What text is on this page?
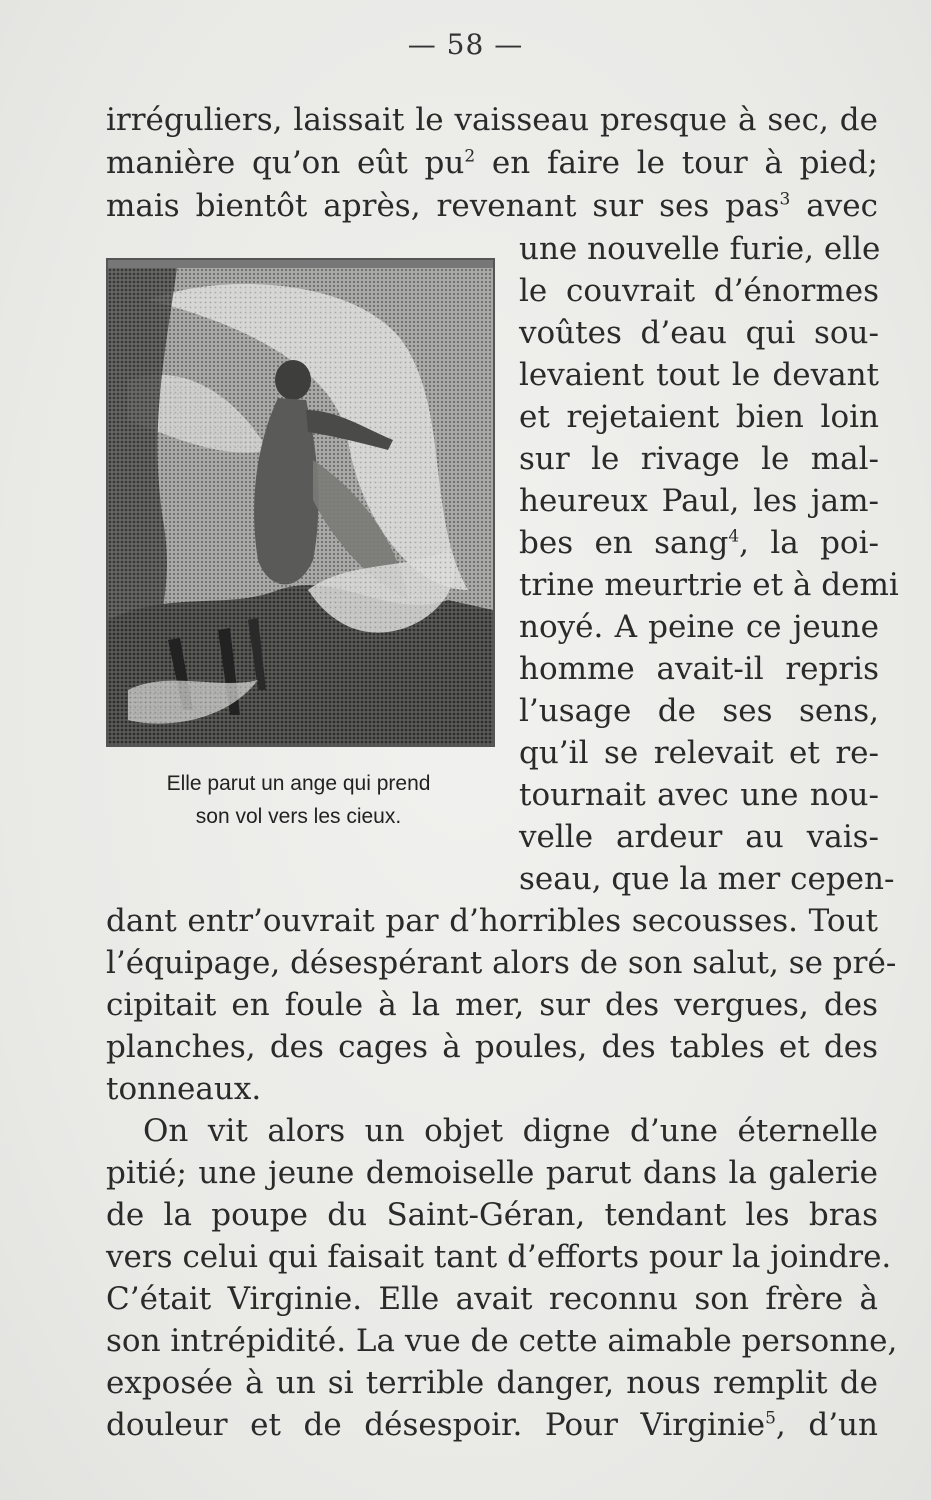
— 58 —
irréguliers, laissait le vaisseau presque à sec, de
manière qu’on eût $pu^2$ en faire le tour à pied;
mais bientôt après, revenant sur ses pas$^3$ avec
Elle parut un ange qui prend
son vol vers les cieux.
une nouvelle furie, elle
le couvrait d’énormes
voûtes d’eau qui sou-
levaient tout le devant
et rejetaient bien loin
sur le rivage le mal-
heureux Paul, les jam-
bes en sang$^4$, la poi-
trine meurtrie et à demi
noyé. A peine ce jeune
homme avait-il repris
l’usage de ses sens,
qu’il se relevait et re-
tournait avec une nou-
velle ardeur au vais-
seau, que la mer cepen-
dant entr’ouvrait par d’horribles secousses. Tout
l’équipage, désespérant alors de son salut, se pré-
cipitait en foule à la mer, sur des vergues, des
planches, des cages à poules, des tables et des
tonneaux.
On vit alors un objet digne d’une éternelle
pitié; une jeune demoiselle parut dans la galerie
de la poupe du Saint-Géran, tendant les bras
vers celui qui faisait tant d’efforts pour la joindre.
C’était Virginie. Elle avait reconnu son frère à
son intrépidité. La vue de cette aimable personne,
exposée à un si terrible danger, nous remplit de
douleur et de désespoir. Pour Virginie$^5$, d’un
